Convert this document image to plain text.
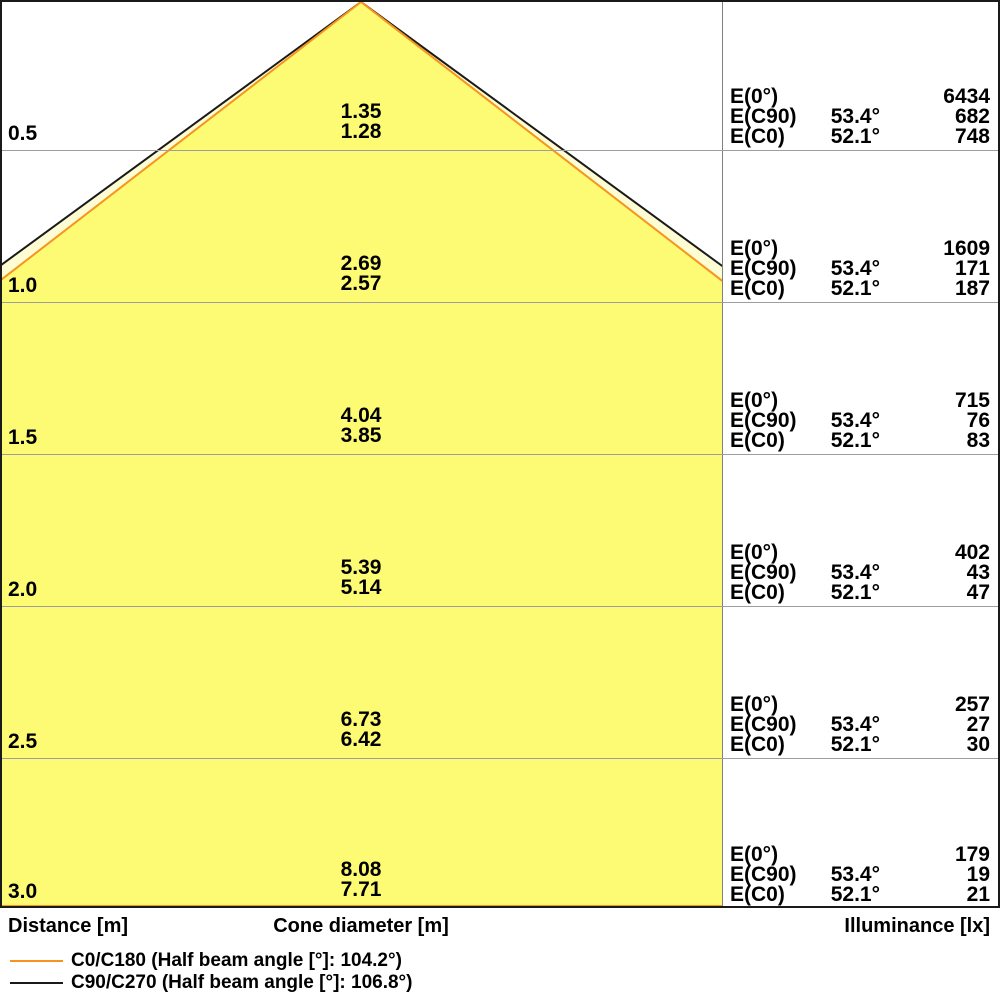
0.5
1.35
1.28
E(0°)	6434
E(C90)	53.4°	682
E(C0)	52.1°	748
1.0
2.69
2.57
E(0°)	1609
E(C90)	53.4°	171
E(C0)	52.1°	187
1.5
4.04
3.85
E(0°)	715
E(C90)	53.4°	76
E(C0)	52.1°	83
2.0
5.39
5.14
E(0°)	402
E(C90)	53.4°	43
E(C0)	52.1°	47
2.5
6.73
6.42
E(0°)	257
E(C90)	53.4°	27
E(C0)	52.1°	30
3.0
8.08
7.71
E(0°)	179
E(C90)	53.4°	19
E(C0)	52.1°	21
Distance [m]	Cone diameter [m]	Illuminance [lx]
C0/C180 (Half beam angle [°]: 104.2°)
C90/C270 (Half beam angle [°]: 106.8°)
